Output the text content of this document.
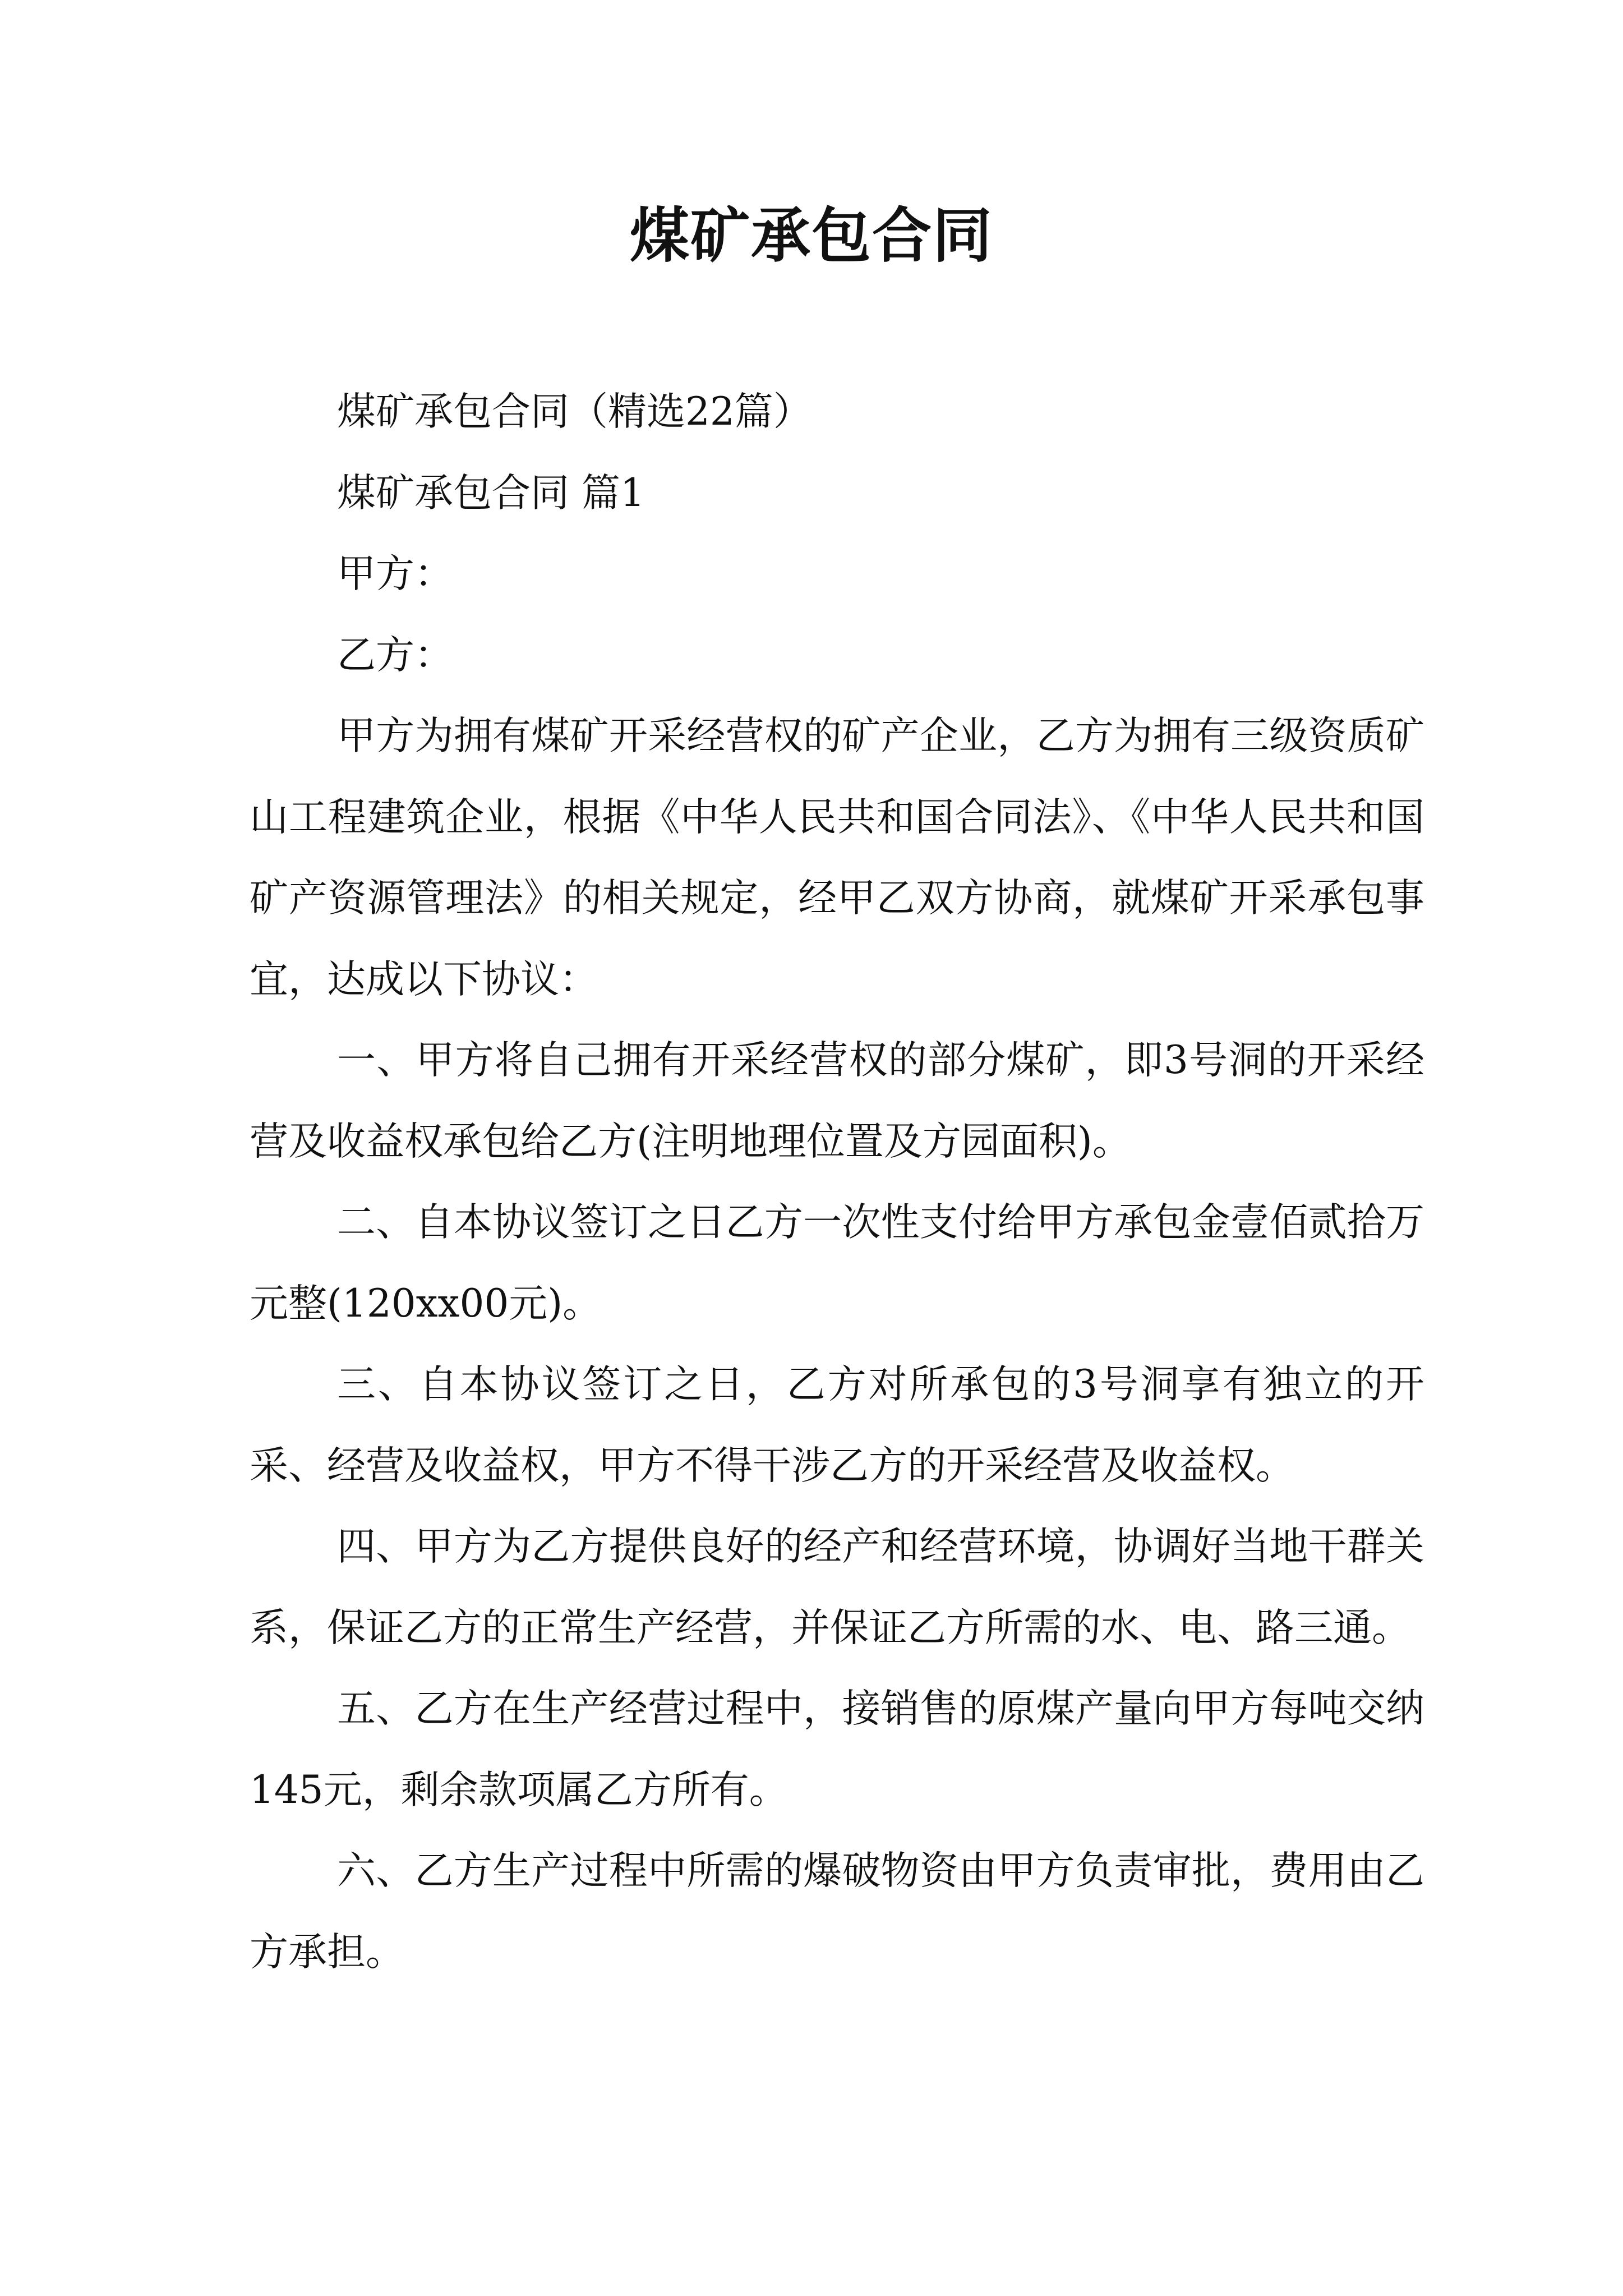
煤矿承包合同

煤矿承包合同（精选22篇）

煤矿承包合同 篇1

甲方：

乙方：

甲方为拥有煤矿开采经营权的矿产企业，乙方为拥有三级资质矿山工程建筑企业，根据《中华人民共和国合同法》、《中华人民共和国矿产资源管理法》的相关规定，经甲乙双方协商，就煤矿开采承包事宜，达成以下协议：

一、甲方将自己拥有开采经营权的部分煤矿，即3号洞的开采经营及收益权承包给乙方(注明地理位置及方园面积)。

二、自本协议签订之日乙方一次性支付给甲方承包金壹佰贰拾万元整(120xx00元)。

三、自本协议签订之日，乙方对所承包的3号洞享有独立的开采、经营及收益权，甲方不得干涉乙方的开采经营及收益权。

四、甲方为乙方提供良好的经产和经营环境，协调好当地干群关系，保证乙方的正常生产经营，并保证乙方所需的水、电、路三通。

五、乙方在生产经营过程中，接销售的原煤产量向甲方每吨交纳145元，剩余款项属乙方所有。

六、乙方生产过程中所需的爆破物资由甲方负责审批，费用由乙方承担。
